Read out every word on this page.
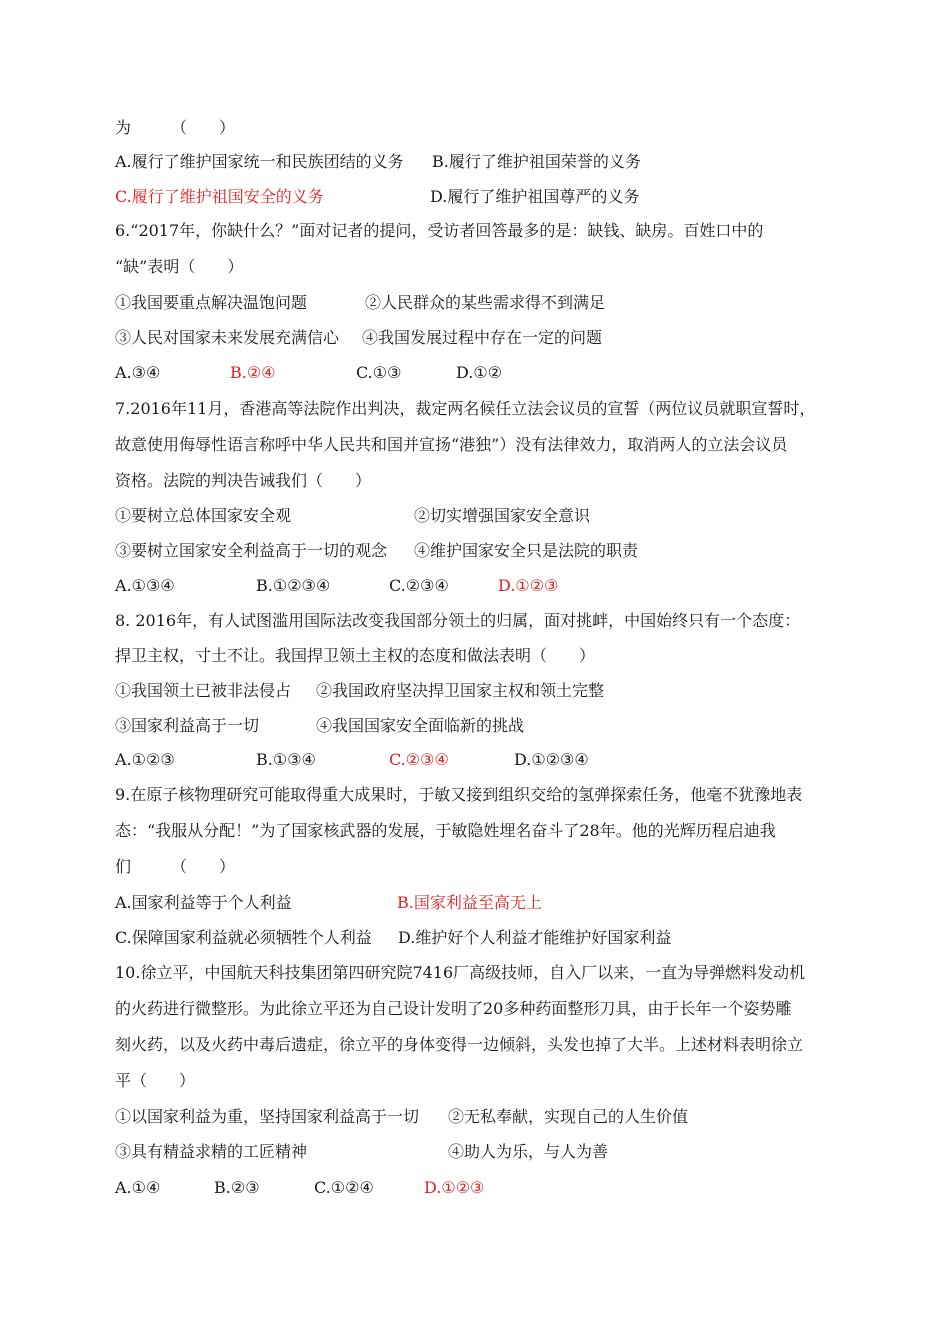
为　　　（　　）
A.履行了维护国家统一和民族团结的义务 B.履行了维护祖国荣誉的义务
C.履行了维护祖国安全的义务	D.履行了维护祖国尊严的义务
6.“2017年，你缺什么？”面对记者的提问，受访者回答最多的是：缺钱、缺房。百姓口中的
“缺”表明（　　）
①我国要重点解决温饱问题	②人民群众的某些需求得不到满足
③人民对国家未来发展充满信心 ④我国发展过程中存在一定的问题
A.③④	B.②④	C.①③	D.①②
7.2016年11月，香港高等法院作出判决，裁定两名候任立法会议员的宣誓（两位议员就职宣誓时，
故意使用侮辱性语言称呼中华人民共和国并宣扬“港独”）没有法律效力，取消两人的立法会议员
资格。法院的判决告诫我们（　　）
①要树立总体国家安全观	②切实增强国家安全意识
③要树立国家安全利益高于一切的观念 ④维护国家安全只是法院的职责
A.①③④	B.①②③④	C.②③④	D.①②③
8. 2016年，有人试图滥用国际法改变我国部分领土的归属，面对挑衅，中国始终只有一个态度：
捍卫主权，寸土不让。我国捍卫领土主权的态度和做法表明（　　）
①我国领土已被非法侵占 ②我国政府坚决捍卫国家主权和领土完整
③国家利益高于一切	④我国国家安全面临新的挑战
A.①②③	B.①③④	C.②③④	D.①②③④
9.在原子核物理研究可能取得重大成果时，于敏又接到组织交给的氢弹探索任务，他毫不犹豫地表
态：“我服从分配！”为了国家核武器的发展，于敏隐姓埋名奋斗了28年。他的光辉历程启迪我
们　　　（　　）
A.国家利益等于个人利益	B.国家利益至高无上
C.保障国家利益就必须牺牲个人利益 D.维护好个人利益才能维护好国家利益
10.徐立平，中国航天科技集团第四研究院7416厂高级技师，自入厂以来，一直为导弹燃料发动机
的火药进行微整形。为此徐立平还为自己设计发明了20多种药面整形刀具，由于长年一个姿势雕
刻火药，以及火药中毒后遗症，徐立平的身体变得一边倾斜，头发也掉了大半。上述材料表明徐立
平（　　）
①以国家利益为重，坚持国家利益高于一切 ②无私奉献，实现自己的人生价值
③具有精益求精的工匠精神	④助人为乐，与人为善
A.①④	B.②③	C.①②④	D.①②③
